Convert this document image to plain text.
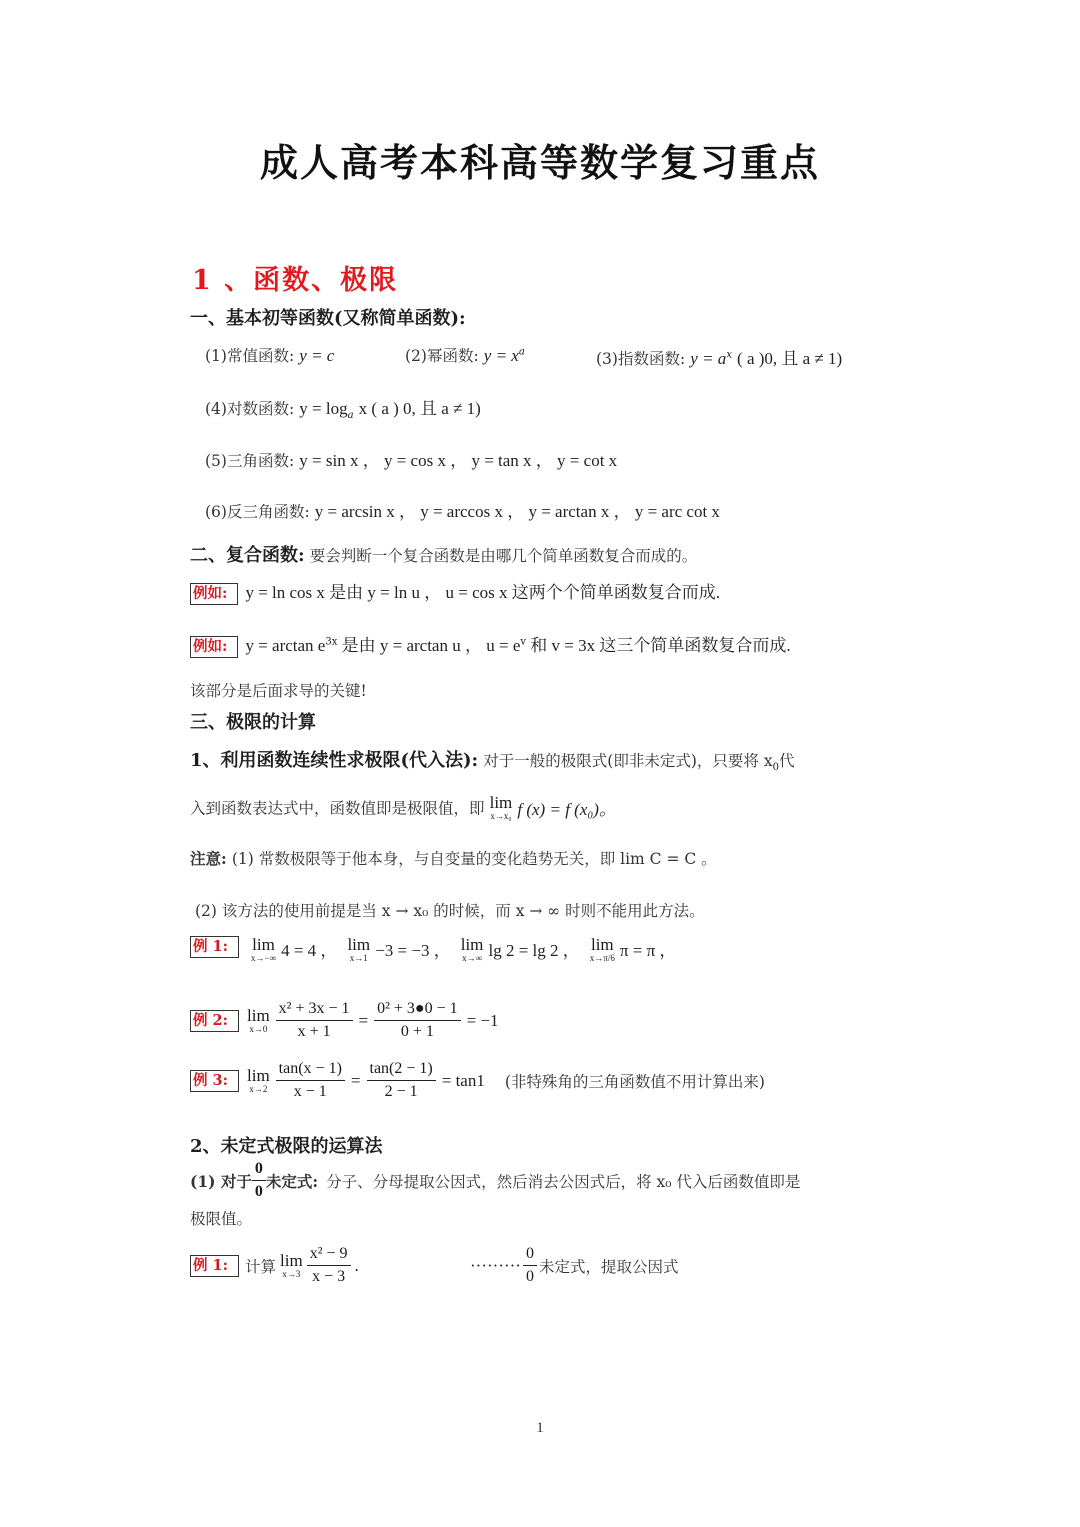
成人高考本科高等数学复习重点
1 、函数、极限
一、基本初等函数(又称简单函数):
(1)常值函数: y = c	(2)幂函数: $y = x^a$	(3)指数函数: $y = a^x$ ( a )0, 且 a ≠ 1)
(4)对数函数: $y = \log_a x$ ( a ) 0, 且 a ≠ 1)
(5)三角函数: y = sin x ， y = cos x ， y = tan x ， y = cot x
(6)反三角函数: y = arcsin x ， y = arccos x ， y = arctan x ， y = arc cot x
二、复合函数: 要会判断一个复合函数是由哪几个简单函数复合而成的。
例如: y = ln cos x 是由 y = ln u ， u = cos x 这两个个简单函数复合而成.
例如: $y = \arctan e^{3x}$ 是由 y = arctan u ， $u = e^v$ 和 v = 3x 这三个简单函数复合而成.
该部分是后面求导的关键!
三、极限的计算
1、利用函数连续性求极限(代入法): 对于一般的极限式(即非未定式)，只要将 $x_0$代
入到函数表达式中，函数值即是极限值，即 lim
x→x₀ f (x) = f (x₀)。
注意: (1) 常数极限等于他本身，与自变量的变化趋势无关，即 lim C = C 。
(2) 该方法的使用前提是当 x → x₀ 的时候，而 x → ∞ 时则不能用此方法。
例 1:	lim
x→−∞ 4 = 4 ， lim
x→1 −3 = −3 ， lim
x→∞ lg 2 = lg 2 ， lim
x→π/6 π = π ，
例 2:	lim
$x\to 0 \frac{\text{x² + 3x − 1}}{x + 1} = \frac{\text{0² + 3●0 − 1}}{0 + 1} = -1$
例 3:	lim
$x\to 2 \frac{\tan(x - 1)}{x - 1} = \frac{\tan(2 - 1)}{2 - 1} = \tan 1$ (非特殊角的三角函数值不用计算出来)
2、未定式极限的运算法
(1) 对于 $\frac{0}{0}$ 未定式: 分子、分母提取公因式，然后消去公因式后，将 x₀ 代入后函数值即是
极限值。
例 1:	计算 lim
$x\to 3 \frac{\text{x² − 9}}{x - 3}$ .	········· $\frac{0}{0}$ 未定式，提取公因式
1
